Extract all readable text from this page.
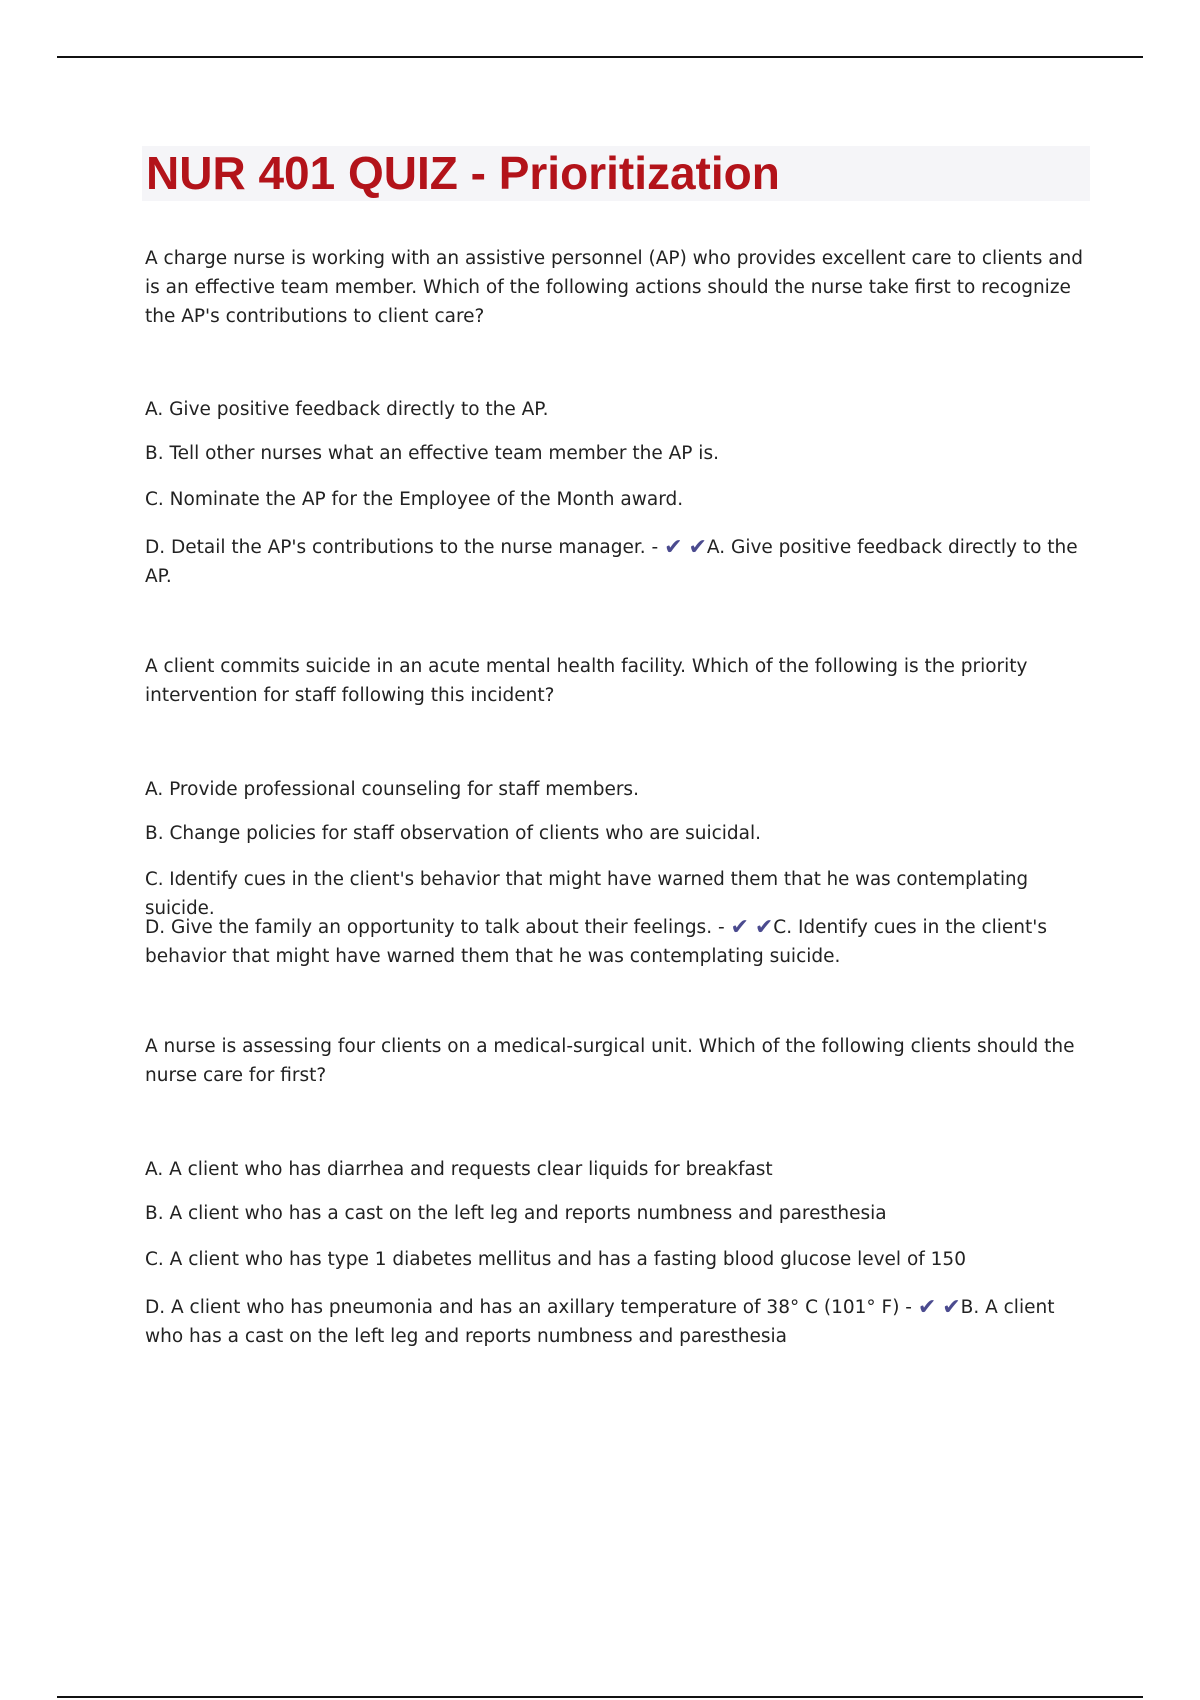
NUR 401 QUIZ - Prioritization

A charge nurse is working with an assistive personnel (AP) who provides excellent care to clients and is an effective team member. Which of the following actions should the nurse take first to recognize the AP's contributions to client care?

A. Give positive feedback directly to the AP.

B. Tell other nurses what an effective team member the AP is.

C. Nominate the AP for the Employee of the Month award.

D. Detail the AP's contributions to the nurse manager. - ✔ ✔A. Give positive feedback directly to the AP.

A client commits suicide in an acute mental health facility. Which of the following is the priority intervention for staff following this incident?

A. Provide professional counseling for staff members.

B. Change policies for staff observation of clients who are suicidal.

C. Identify cues in the client's behavior that might have warned them that he was contemplating suicide.

D. Give the family an opportunity to talk about their feelings. - ✔ ✔C. Identify cues in the client's behavior that might have warned them that he was contemplating suicide.

A nurse is assessing four clients on a medical-surgical unit. Which of the following clients should the nurse care for first?

A. A client who has diarrhea and requests clear liquids for breakfast

B. A client who has a cast on the left leg and reports numbness and paresthesia

C. A client who has type 1 diabetes mellitus and has a fasting blood glucose level of 150

D. A client who has pneumonia and has an axillary temperature of 38° C (101° F) - ✔ ✔B. A client who has a cast on the left leg and reports numbness and paresthesia
